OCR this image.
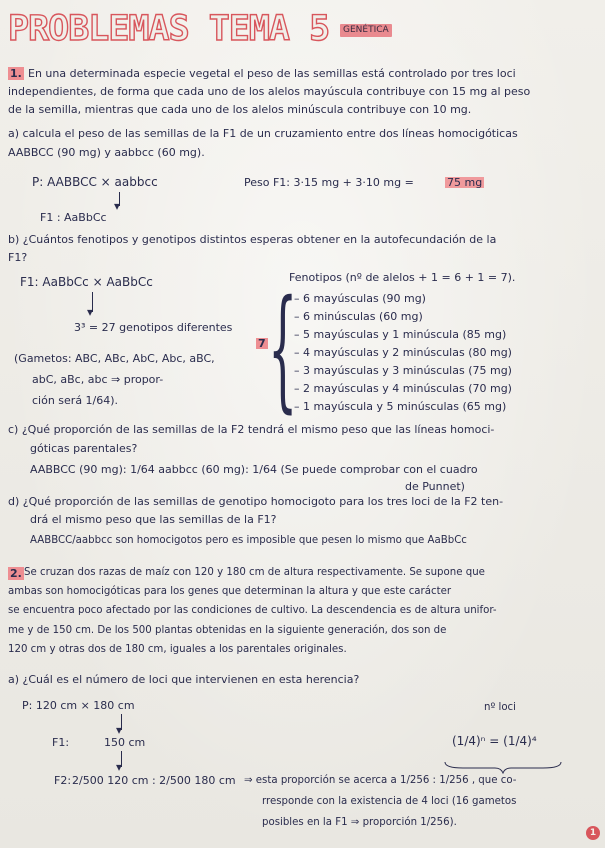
PROBLEMAS TEMA 5	GENÉTICA
1. En una determinada especie vegetal el peso de las semillas está controlado por tres loci
independientes, de forma que cada uno de los alelos mayúscula contribuye con 15 mg al peso
de la semilla, mientras que cada uno de los alelos minúscula contribuye con 10 mg.
a) calcula el peso de las semillas de la F1 de un cruzamiento entre dos líneas homocigóticas
AABBCC (90 mg) y aabbcc (60 mg).
P: AABBCC × aabbcc	Peso F1: 3·15 mg + 3·10 mg =	75 mg
▾
F1 : AaBbCc
b) ¿Cuántos fenotipos y genotipos distintos esperas obtener en la autofecundación de la
F1?
F1: AaBbCc × AaBbCc
▾
3³ = 27 genotipos diferentes
(Gametos: ABC, ABc, AbC, Abc, aBC,
abC, aBc, abc ⇒ propor-
ción será 1/64).
7 {
Fenotipos (nº de alelos + 1 = 6 + 1 = 7).
– 6 mayúsculas (90 mg)
– 6 minúsculas (60 mg)
– 5 mayúsculas y 1 minúscula (85 mg)
– 4 mayúsculas y 2 minúsculas (80 mg)
– 3 mayúsculas y 3 minúsculas (75 mg)
– 2 mayúsculas y 4 minúsculas (70 mg)
– 1 mayúscula y 5 minúsculas (65 mg)
c) ¿Qué proporción de las semillas de la F2 tendrá el mismo peso que las líneas homoci-
góticas parentales?
AABBCC (90 mg): 1/64 aabbcc (60 mg): 1/64 (Se puede comprobar con el cuadro
de Punnet)
d) ¿Qué proporción de las semillas de genotipo homocigoto para los tres loci de la F2 ten-
drá el mismo peso que las semillas de la F1?
AABBCC/aabbcc son homocigotos pero es imposible que pesen lo mismo que AaBbCc
2. Se cruzan dos razas de maíz con 120 y 180 cm de altura respectivamente. Se supone que
ambas son homocigóticas para los genes que determinan la altura y que este carácter
se encuentra poco afectado por las condiciones de cultivo. La descendencia es de altura unifor-
me y de 150 cm. De los 500 plantas obtenidas en la siguiente generación, dos son de
120 cm y otras dos de 180 cm, iguales a los parentales originales.
a) ¿Cuál es el número de loci que intervienen en esta herencia?
P: 120 cm × 180 cm
▾
F1:	150 cm
▾
nº loci
(1/4)ⁿ = (1/4)⁴
F2: 2/500 120 cm : 2/500 180 cm ⇒ esta proporción se acerca a 1/256 : 1/256 , que co-
rresponde con la existencia de 4 loci (16 gametos
posibles en la F1 ⇒ proporción 1/256).
1
